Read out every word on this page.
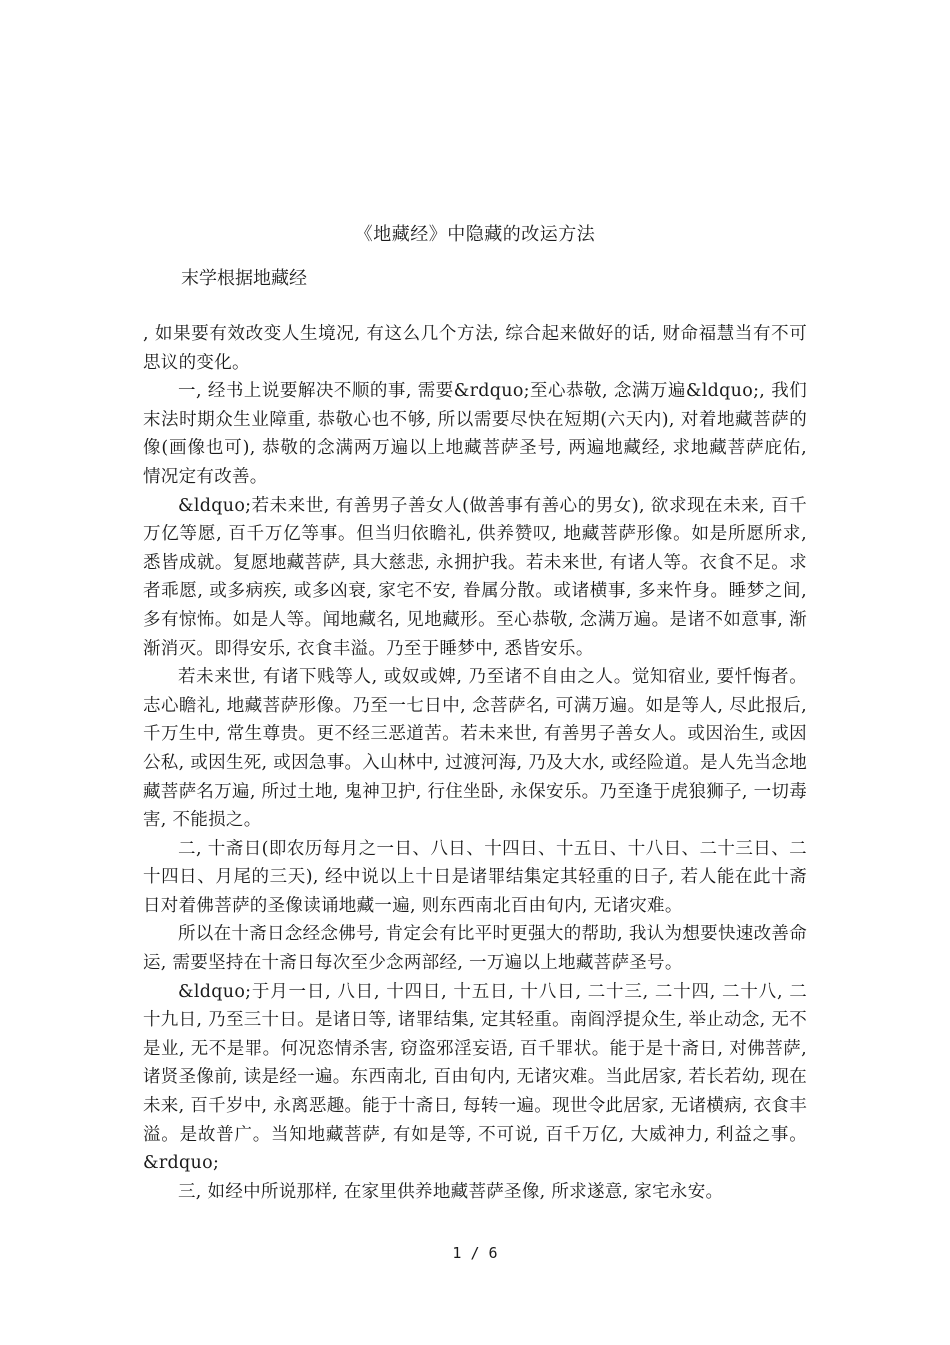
《地藏经》中隐藏的改运方法
末学根据地藏经

, 如果要有效改变人生境况, 有这么几个方法, 综合起来做好的话, 财命福慧当有不可思议的变化。

一, 经书上说要解决不顺的事, 需要&rdquo;至心恭敬, 念满万遍&ldquo;, 我们末法时期众生业障重, 恭敬心也不够, 所以需要尽快在短期(六天内), 对着地藏菩萨的像(画像也可), 恭敬的念满两万遍以上地藏菩萨圣号, 两遍地藏经, 求地藏菩萨庇佑, 情况定有改善。

&ldquo;若未来世, 有善男子善女人(做善事有善心的男女), 欲求现在未来, 百千万亿等愿, 百千万亿等事。但当归依瞻礼, 供养赞叹, 地藏菩萨形像。如是所愿所求, 悉皆成就。复愿地藏菩萨, 具大慈悲, 永拥护我。若未来世, 有诸人等。衣食不足。求者乖愿, 或多病疾, 或多凶衰, 家宅不安, 眷属分散。或诸横事, 多来忤身。睡梦之间, 多有惊怖。如是人等。闻地藏名, 见地藏形。至心恭敬, 念满万遍。是诸不如意事, 渐渐消灭。即得安乐, 衣食丰溢。乃至于睡梦中, 悉皆安乐。

若未来世, 有诸下贱等人, 或奴或婢, 乃至诸不自由之人。觉知宿业, 要忏悔者。志心瞻礼, 地藏菩萨形像。乃至一七日中, 念菩萨名, 可满万遍。如是等人, 尽此报后, 千万生中, 常生尊贵。更不经三恶道苦。若未来世, 有善男子善女人。或因治生, 或因公私, 或因生死, 或因急事。入山林中, 过渡河海, 乃及大水, 或经险道。是人先当念地藏菩萨名万遍, 所过土地, 鬼神卫护, 行住坐卧, 永保安乐。乃至逢于虎狼狮子, 一切毒害, 不能损之。

二, 十斋日(即农历每月之一日、八日、十四日、十五日、十八日、二十三日、二十四日、月尾的三天), 经中说以上十日是诸罪结集定其轻重的日子, 若人能在此十斋日对着佛菩萨的圣像读诵地藏一遍, 则东西南北百由旬内, 无诸灾难。

所以在十斋日念经念佛号, 肯定会有比平时更强大的帮助, 我认为想要快速改善命运, 需要坚持在十斋日每次至少念两部经, 一万遍以上地藏菩萨圣号。

&ldquo;于月一日, 八日, 十四日, 十五日, 十八日, 二十三, 二十四, 二十八, 二十九日, 乃至三十日。是诸日等, 诸罪结集, 定其轻重。南阎浮提众生, 举止动念, 无不是业, 无不是罪。何况恣情杀害, 窃盗邪淫妄语, 百千罪状。能于是十斋日, 对佛菩萨, 诸贤圣像前, 读是经一遍。东西南北, 百由旬内, 无诸灾难。当此居家, 若长若幼, 现在未来, 百千岁中, 永离恶趣。能于十斋日, 每转一遍。现世令此居家, 无诸横病, 衣食丰溢。是故普广。当知地藏菩萨, 有如是等, 不可说, 百千万亿, 大威神力, 利益之事。&rdquo;

三, 如经中所说那样, 在家里供养地藏菩萨圣像, 所求遂意, 家宅永安。

1 / 6
